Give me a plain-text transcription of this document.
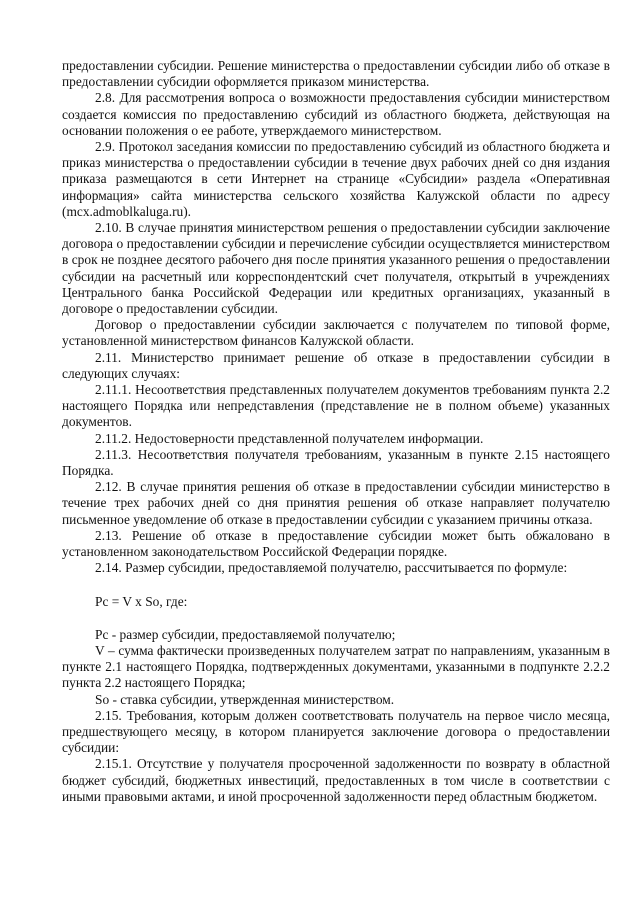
предоставлении субсидии. Решение министерства о предоставлении субсидии либо об отказе в предоставлении субсидии оформляется приказом министерства.

2.8. Для рассмотрения вопроса о возможности предоставления субсидии министерством создается комиссия по предоставлению субсидий из областного бюджета, действующая на основании положения о ее работе, утверждаемого министерством.

2.9. Протокол заседания комиссии по предоставлению субсидий из областного бюджета и приказ министерства о предоставлении субсидии в течение двух рабочих дней со дня издания приказа размещаются в сети Интернет на странице «Субсидии» раздела «Оперативная информация» сайта министерства сельского хозяйства Калужской области по адресу (mcx.admoblkaluga.ru).

2.10. В случае принятия министерством решения о предоставлении субсидии заключение договора о предоставлении субсидии и перечисление субсидии осуществляется министерством в срок не позднее десятого рабочего дня после принятия указанного решения о предоставлении субсидии на расчетный или корреспондентский счет получателя, открытый в учреждениях Центрального банка Российской Федерации или кредитных организациях, указанный в договоре о предоставлении субсидии.

Договор о предоставлении субсидии заключается с получателем по типовой форме, установленной министерством финансов Калужской области.

2.11. Министерство принимает решение об отказе в предоставлении субсидии в следующих случаях:

2.11.1. Несоответствия представленных получателем документов требованиям пункта 2.2 настоящего Порядка или непредставления (представление не в полном объеме) указанных документов.

2.11.2. Недостоверности представленной получателем информации.

2.11.3. Несоответствия получателя требованиям, указанным в пункте 2.15 настоящего Порядка.

2.12. В случае принятия решения об отказе в предоставлении субсидии министерство в течение трех рабочих дней со дня принятия решения об отказе направляет получателю письменное уведомление об отказе в предоставлении субсидии с указанием причины отказа.

2.13. Решение об отказе в предоставление субсидии может быть обжаловано в установленном законодательством Российской Федерации порядке.

2.14. Размер субсидии, предоставляемой получателю, рассчитывается по формуле:

Pc = V x So, где:

Pc - размер субсидии, предоставляемой получателю;

V – сумма фактически произведенных получателем затрат по направлениям, указанным в пункте 2.1 настоящего Порядка, подтвержденных документами, указанными в подпункте 2.2.2 пункта 2.2 настоящего Порядка;

So - ставка субсидии, утвержденная министерством.

2.15. Требования, которым должен соответствовать получатель на первое число месяца, предшествующего месяцу, в котором планируется заключение договора о предоставлении субсидии:

2.15.1. Отсутствие у получателя просроченной задолженности по возврату в областной бюджет субсидий, бюджетных инвестиций, предоставленных в том числе в соответствии с иными правовыми актами, и иной просроченной задолженности перед областным бюджетом.
